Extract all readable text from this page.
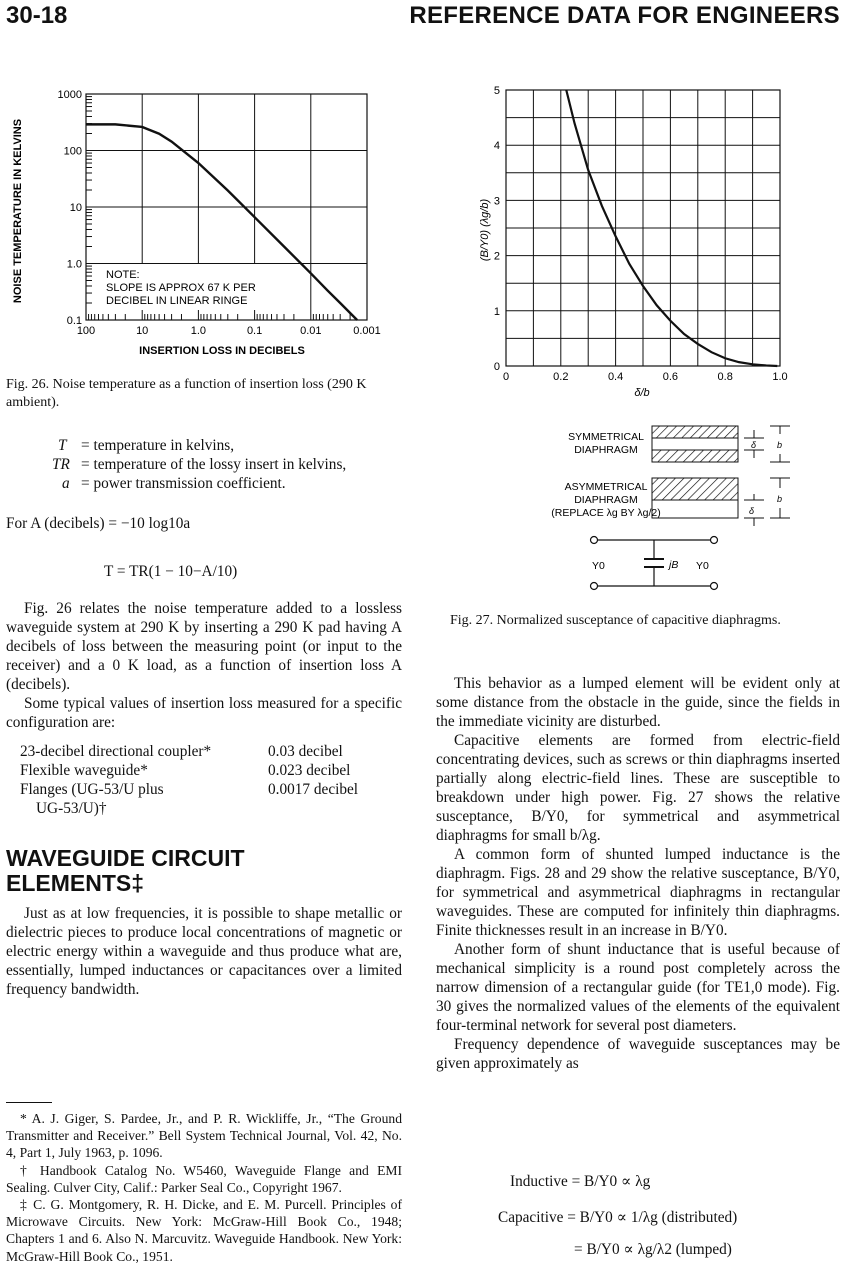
30-18	REFERENCE DATA FOR ENGINEERS
100	10	1.0	0.1	0.01	0.001
1000
100
10
1.0
0.1
NOTE:
SLOPE IS APPROX 67 K PER
DECIBEL IN LINEAR RINGE
INSERTION LOSS IN DECIBELS
NOISE TEMPERATURE IN KELVINS
Fig. 26. Noise temperature as a function of insertion loss (290 K ambient).
T = temperature in kelvins,
TR = temperature of the lossy insert in kelvins,
a = power transmission coefficient.
For A (decibels) = −10 log10a
T = TR(1 − 10−A/10)

Fig. 26 relates the noise temperature added to a lossless waveguide system at 290 K by inserting a 290 K pad having A decibels of loss between the measuring point (or input to the receiver) and a 0 K load, as a function of insertion loss A (decibels).

Some typical values of insertion loss measured for a specific configuration are:

23-decibel directional coupler*	0.03 decibel
Flexible waveguide*	0.023 decibel
Flanges (UG-53/U plus	0.0017 decibel
UG-53/U)†
WAVEGUIDE CIRCUIT
ELEMENTS‡

Just as at low frequencies, it is possible to shape metallic or dielectric pieces to produce local concentrations of magnetic or electric energy within a waveguide and thus produce what are, essentially, lumped inductances or capacitances over a limited frequency bandwidth.

* A. J. Giger, S. Pardee, Jr., and P. R. Wickliffe, Jr., “The Ground Transmitter and Receiver.” Bell System Technical Journal, Vol. 42, No. 4, Part 1, July 1963, p. 1096.

† Handbook Catalog No. W5460, Waveguide Flange and EMI Sealing. Culver City, Calif.: Parker Seal Co., Copyright 1967.

‡ C. G. Montgomery, R. H. Dicke, and E. M. Purcell. Principles of Microwave Circuits. New York: McGraw-Hill Book Co., 1948; Chapters 1 and 6. Also N. Marcuvitz. Waveguide Handbook. New York: McGraw-Hill Book Co., 1951.

0	0.2	0.4	0.6	0.8	1.0
0
1
2
3
4
5
δ/b
(B/Y0) (λg/b)
SYMMETRICAL
DIAPHRAGM	δ b
ASYMMETRICAL
DIAPHRAGM
(REPLACE λg BY λg/2)	δ
b
Y0	jB Y0
Fig. 27. Normalized susceptance of capacitive diaphragms.

This behavior as a lumped element will be evident only at some distance from the obstacle in the guide, since the fields in the immediate vicinity are disturbed.

Capacitive elements are formed from electric-field concentrating devices, such as screws or thin diaphragms inserted partially along electric-field lines. These are susceptible to breakdown under high power. Fig. 27 shows the relative susceptance, B/Y0, for symmetrical and asymmetrical diaphragms for small b/λg.

A common form of shunted lumped inductance is the diaphragm. Figs. 28 and 29 show the relative susceptance, B/Y0, for symmetrical and asymmetrical diaphragms in rectangular waveguides. These are computed for infinitely thin diaphragms. Finite thicknesses result in an increase in B/Y0.

Another form of shunt inductance that is useful because of mechanical simplicity is a round post completely across the narrow dimension of a rectangular guide (for TE1,0 mode). Fig. 30 gives the normalized values of the elements of the equivalent four-terminal network for several post diameters.

Frequency dependence of waveguide susceptances may be given approximately as

Inductive = B/Y0 ∝ λg
Capacitive = B/Y0 ∝ 1/λg (distributed)
= B/Y0 ∝ λg/λ2 (lumped)
